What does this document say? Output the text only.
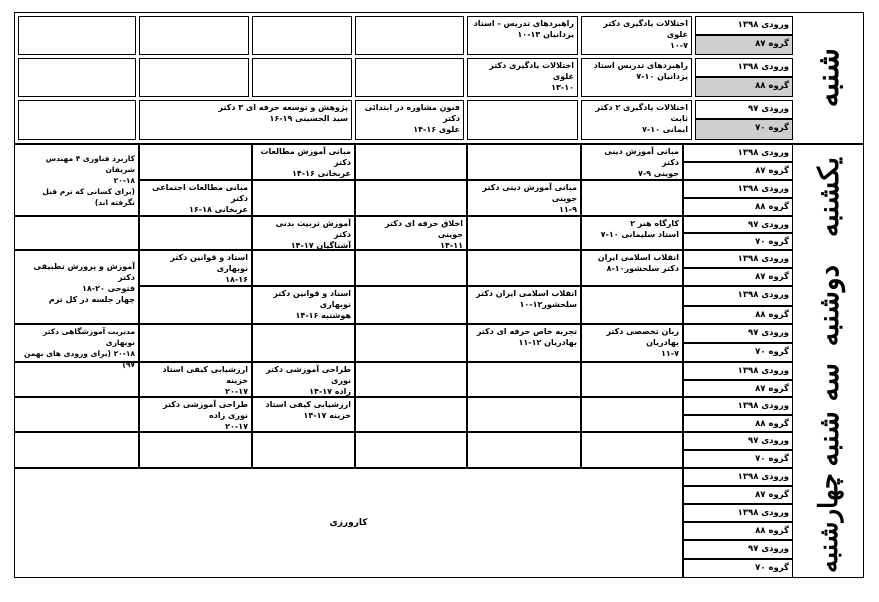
شنبه
یکشنبه
دوشنبه
سه شنبه
چهارشنبه
ورودی ۱۳۹۸
گروه ۸۷
ورودی ۱۳۹۸
گروه ۸۸
ورودی ۹۷
گروه ۷۰
اختلالات یادگیری دکتر علوی
۱۰-۷
راهبردهای تدریس - استاد
یزدانیان ۱۳-۱۰
راهبردهای تدریس استاد
یزدانیان ۱۰-۷
اختلالات یادگیری دکتر علوی
۱۳-۱۰
اختلالات یادگیری ۲ دکتر ثابت
ایمانی ۱۰-۷
فنون مشاوره در ابتدائی دکتر
علوی ۱۶-۱۴
پژوهش و توسعه حرفه ای ۳ دکتر
سید الحسینی ۱۹-۱۶
ورودی ۱۳۹۸
گروه ۸۷
ورودی ۱۳۹۸
گروه ۸۸
ورودی ۹۷
گروه ۷۰
مبانی آموزش دینی دکتر
جوینی ۹-۷
مبانی آموزش مطالعات دکتر
عربخانی ۱۶-۱۴
کاربرد فناوری ۴ مهندس شریفان
۲۰-۱۸
(برای کسانی که ترم قبل نگرفته اند)
مبانی آموزش دینی دکتر جوینی
۱۱-۹
مبانی مطالعات اجتماعی دکتر
عربخانی ۱۸-۱۶
کارگاه هنر ۲
استاد سلیمانی ۱۰-۷
اخلاق حرفه ای دکتر جوینی
۱۴-۱۱
آموزش تربیت بدنی دکتر
آشناگیان ۱۷-۱۴
ورودی ۱۳۹۸
گروه ۸۷
ورودی ۱۳۹۸
گروه ۸۸
ورودی ۹۷
گروه ۷۰
انقلاب اسلامی ایران
دکتر سلحشور۱۰-۸
استاد و قوانین دکتر نوبهاری
۱۸-۱۶
آموزش و پرورش تطبیقی دکتر
فتوحی ۲۰-۱۸
چهار جلسه در کل ترم
انقلاب اسلامی ایران دکتر
سلحشور۱۲-۱۰
اسناد و قوانین دکتر نوبهاری
هوشنبه ۱۶-۱۴
زبان تخصصی دکتر بهادریان
۱۱-۷
تجربه خاص حرفه ای دکتر
بهادریان ۱۲-۱۱
مدیریت آموزشگاهی دکتر نوبهاری
۲۰-۱۸ (برای ورودی های بهمن ۹۷)
ورودی ۱۳۹۸
گروه ۸۷
ورودی ۱۳۹۸
گروه ۸۸
ورودی ۹۷
گروه ۷۰
طراحی آموزشی دکتر نوری
زاده ۱۷-۱۴
ارزشیابی کیفی استاد خزینه
۲۰-۱۷
ارزشیابی کیفی استاد
خزینه ۱۷-۱۴
طراحی آموزشی دکتر نوری زاده
۲۰-۱۷
ورودی ۱۳۹۸
گروه ۸۷
ورودی ۱۳۹۸
گروه ۸۸
ورودی ۹۷
گروه ۷۰
کارورزی
